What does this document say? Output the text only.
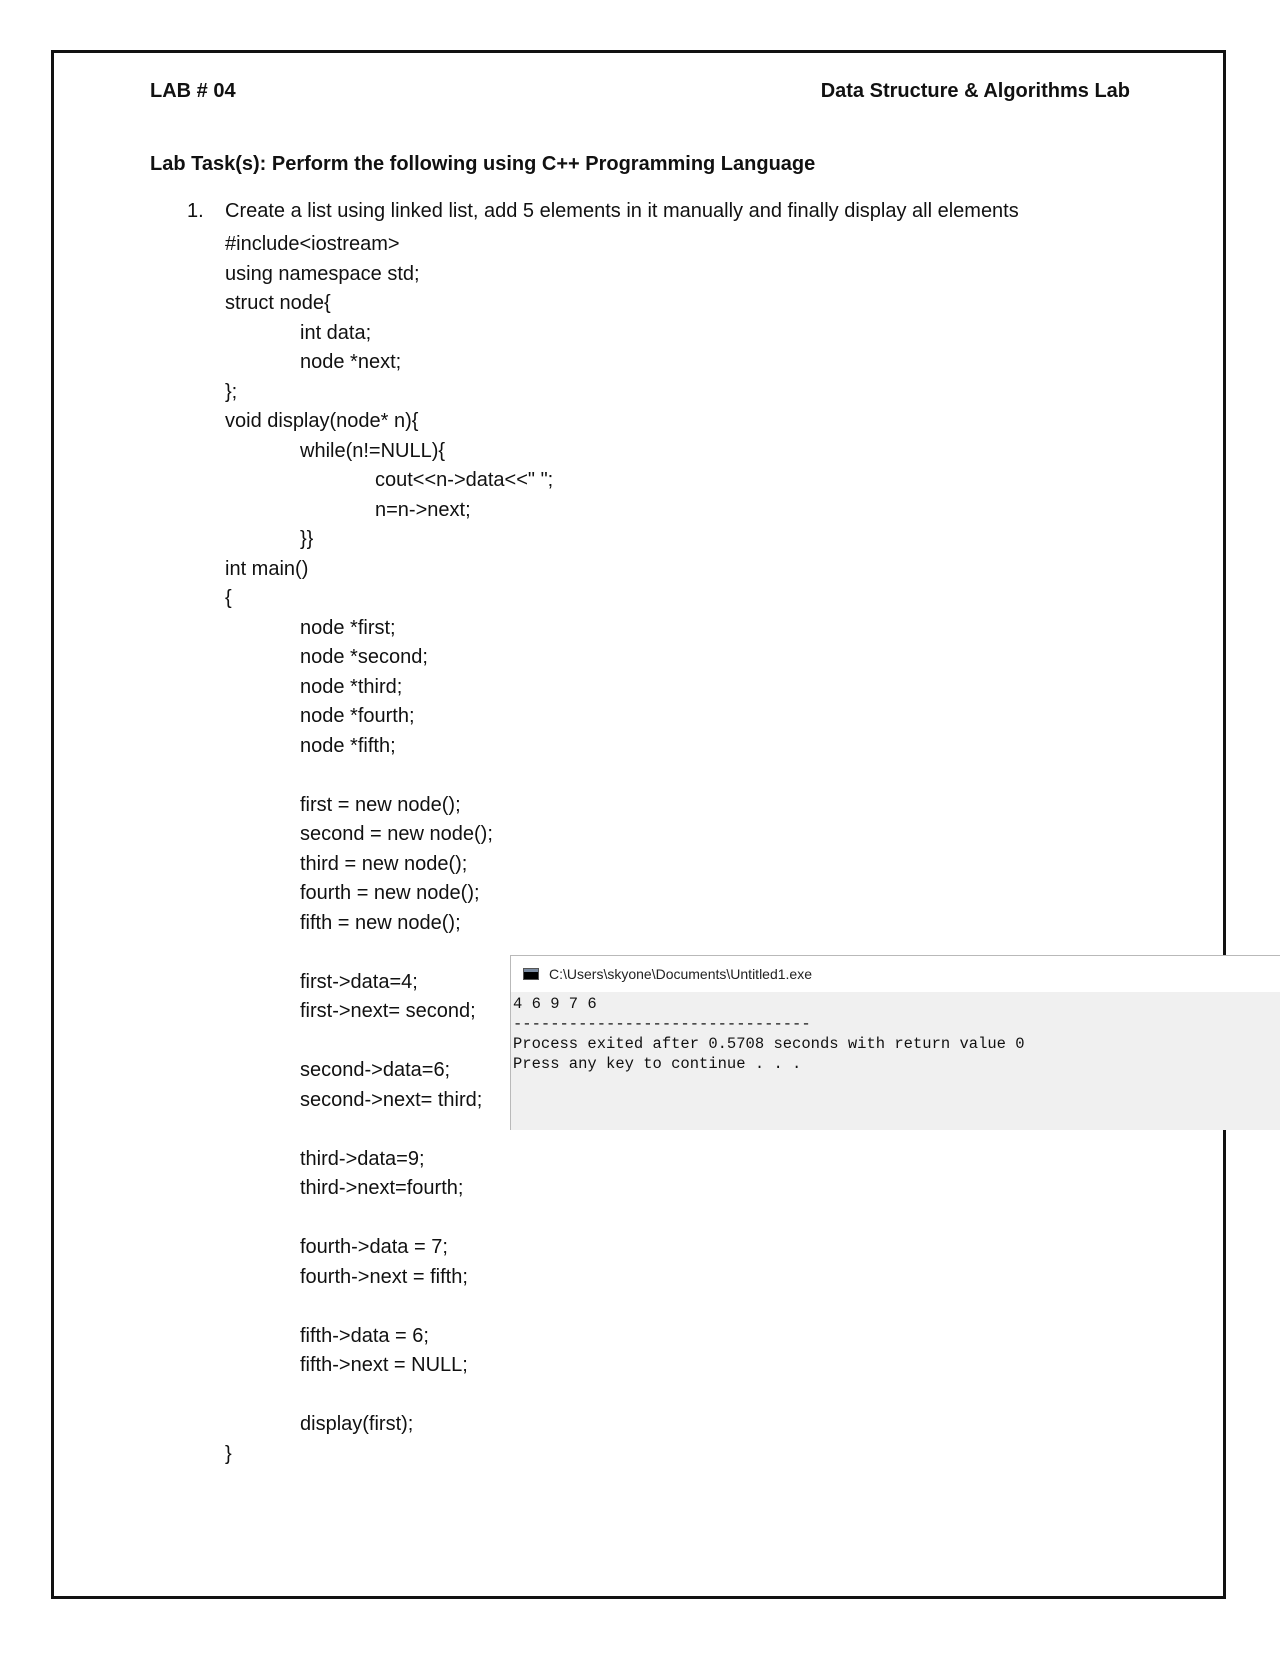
LAB # 04	Data Structure & Algorithms Lab
Lab Task(s): Perform the following using C++ Programming Language
1. Create a list using linked list, add 5 elements in it manually and finally display all elements
#include<iostream>
using namespace std;
struct node{
int data;
node *next;
};
void display(node* n){
while(n!=NULL){
cout<<n->data<<" ";
n=n->next;
}}
int main()
{
node *first;
node *second;
node *third;
node *fourth;
node *fifth;
first = new node();
second = new node();
third = new node();
fourth = new node();
fifth = new node();
first->data=4;
first->next= second;
second->data=6;
second->next= third;
third->data=9;
third->next=fourth;
fourth->data = 7;
fourth->next = fifth;
fifth->data = 6;
fifth->next = NULL;
display(first);
}
C:\Users\skyone\Documents\Untitled1.exe
4 6 9 7 6
--------------------------------
Process exited after 0.5708 seconds with return value 0
Press any key to continue . . .
